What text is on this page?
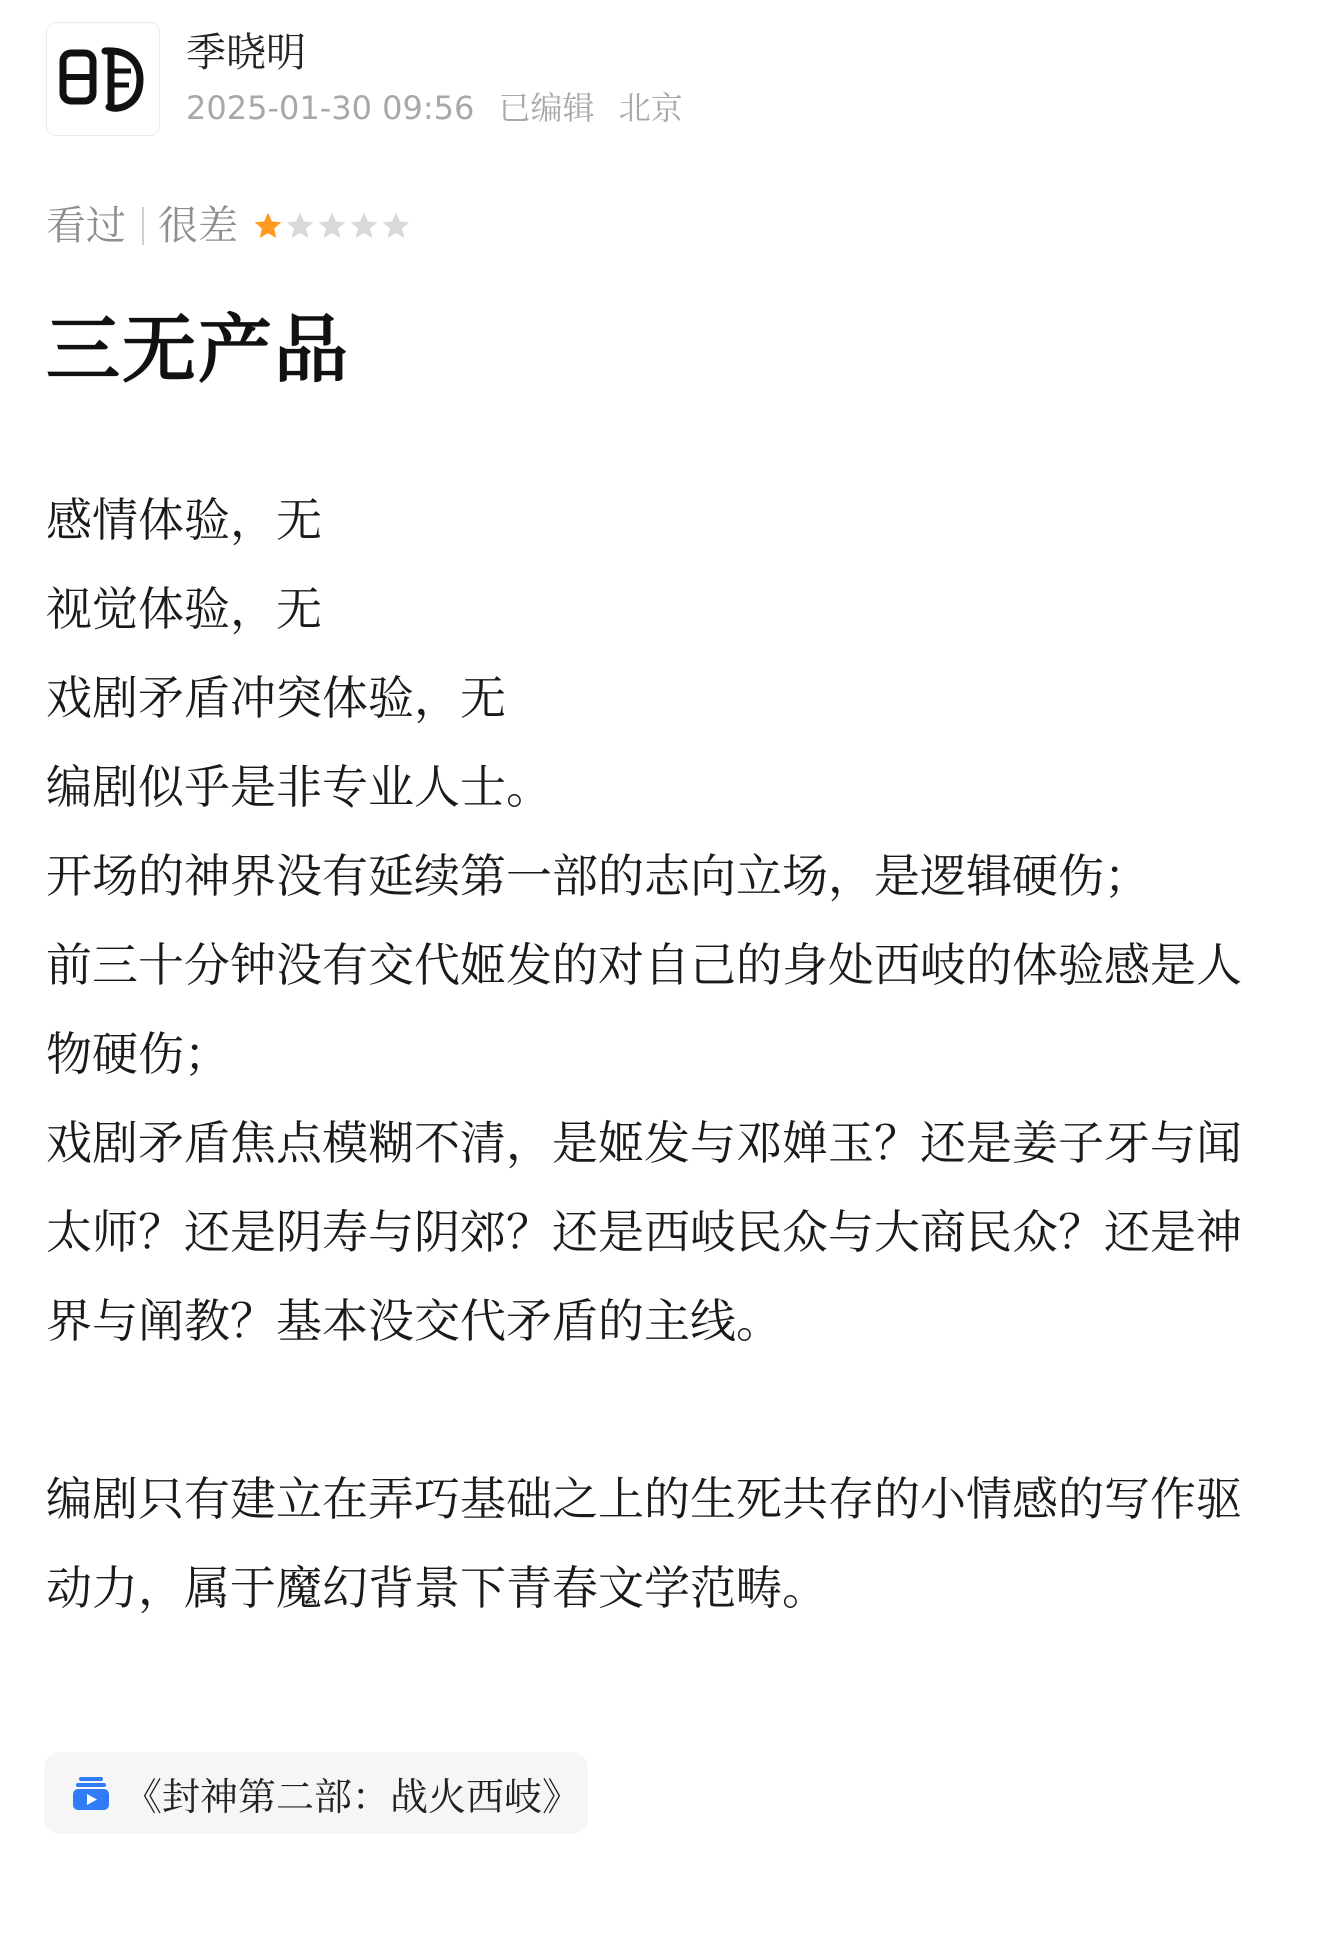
季晓明
2025-01-30 09:56 已编辑 北京
看过 很差
三无产品

感情体验，无

视觉体验，无

戏剧矛盾冲突体验，无

编剧似乎是非专业人士。

开场的神界没有延续第一部的志向立场，是逻辑硬伤；

前三十分钟没有交代姬发的对自己的身处西岐的体验感是人物硬伤；

戏剧矛盾焦点模糊不清，是姬发与邓婵玉？还是姜子牙与闻太师？还是阴寿与阴郊？还是西岐民众与大商民众？还是神界与阐教？基本没交代矛盾的主线。

编剧只有建立在弄巧基础之上的生死共存的小情感的写作驱动力，属于魔幻背景下青春文学范畴。

《封神第二部：战火西岐》
